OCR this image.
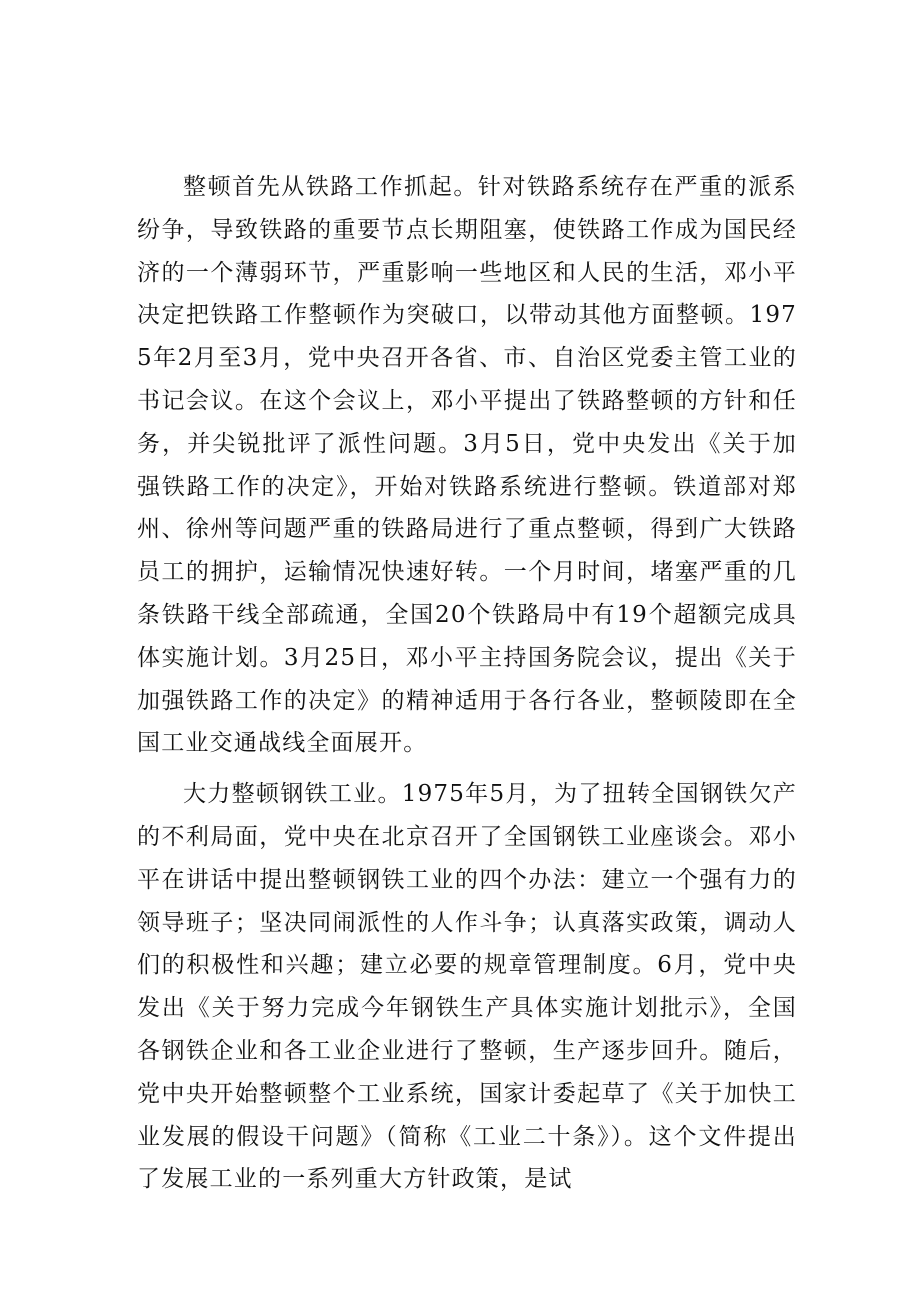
整顿首先从铁路工作抓起。针对铁路系统存在严重的派系纷争，导致铁路的重要节点长期阻塞，使铁路工作成为国民经济的一个薄弱环节，严重影响一些地区和人民的生活，邓小平决定把铁路工作整顿作为突破口，以带动其他方面整顿。1975年2月至3月，党中央召开各省、市、自治区党委主管工业的书记会议。在这个会议上，邓小平提出了铁路整顿的方针和任务，并尖锐批评了派性问题。3月5日，党中央发出《关于加强铁路工作的决定》，开始对铁路系统进行整顿。铁道部对郑州、徐州等问题严重的铁路局进行了重点整顿，得到广大铁路员工的拥护，运输情况快速好转。一个月时间，堵塞严重的几条铁路干线全部疏通，全国20个铁路局中有19个超额完成具体实施计划。3月25日，邓小平主持国务院会议，提出《关于加强铁路工作的决定》的精神适用于各行各业，整顿陵即在全国工业交通战线全面展开。

大力整顿钢铁工业。1975年5月，为了扭转全国钢铁欠产的不利局面，党中央在北京召开了全国钢铁工业座谈会。邓小平在讲话中提出整顿钢铁工业的四个办法：建立一个强有力的领导班子；坚决同闹派性的人作斗争；认真落实政策，调动人们的积极性和兴趣；建立必要的规章管理制度。6月，党中央发出《关于努力完成今年钢铁生产具体实施计划批示》，全国各钢铁企业和各工业企业进行了整顿，生产逐步回升。随后，党中央开始整顿整个工业系统，国家计委起草了《关于加快工业发展的假设干问题》（简称《工业二十条》）。这个文件提出了发展工业的一系列重大方针政策，是试
